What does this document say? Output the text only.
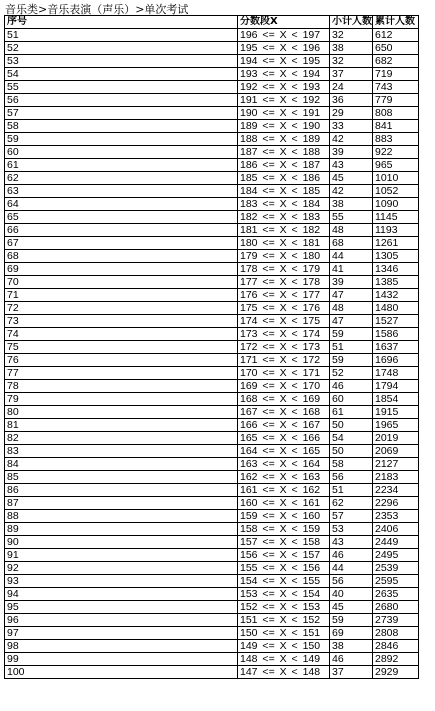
音乐类>音乐表演（声乐）>单次考试
序号	分数段X	小计人数	累计人数
51	196 <= X < 197	32	612
52	195 <= X < 196	38	650
53	194 <= X < 195	32	682
54	193 <= X < 194	37	719
55	192 <= X < 193	24	743
56	191 <= X < 192	36	779
57	190 <= X < 191	29	808
58	189 <= X < 190	33	841
59	188 <= X < 189	42	883
60	187 <= X < 188	39	922
61	186 <= X < 187	43	965
62	185 <= X < 186	45	1010
63	184 <= X < 185	42	1052
64	183 <= X < 184	38	1090
65	182 <= X < 183	55	1145
66	181 <= X < 182	48	1193
67	180 <= X < 181	68	1261
68	179 <= X < 180	44	1305
69	178 <= X < 179	41	1346
70	177 <= X < 178	39	1385
71	176 <= X < 177	47	1432
72	175 <= X < 176	48	1480
73	174 <= X < 175	47	1527
74	173 <= X < 174	59	1586
75	172 <= X < 173	51	1637
76	171 <= X < 172	59	1696
77	170 <= X < 171	52	1748
78	169 <= X < 170	46	1794
79	168 <= X < 169	60	1854
80	167 <= X < 168	61	1915
81	166 <= X < 167	50	1965
82	165 <= X < 166	54	2019
83	164 <= X < 165	50	2069
84	163 <= X < 164	58	2127
85	162 <= X < 163	56	2183
86	161 <= X < 162	51	2234
87	160 <= X < 161	62	2296
88	159 <= X < 160	57	2353
89	158 <= X < 159	53	2406
90	157 <= X < 158	43	2449
91	156 <= X < 157	46	2495
92	155 <= X < 156	44	2539
93	154 <= X < 155	56	2595
94	153 <= X < 154	40	2635
95	152 <= X < 153	45	2680
96	151 <= X < 152	59	2739
97	150 <= X < 151	69	2808
98	149 <= X < 150	38	2846
99	148 <= X < 149	46	2892
100	147 <= X < 148	37	2929
